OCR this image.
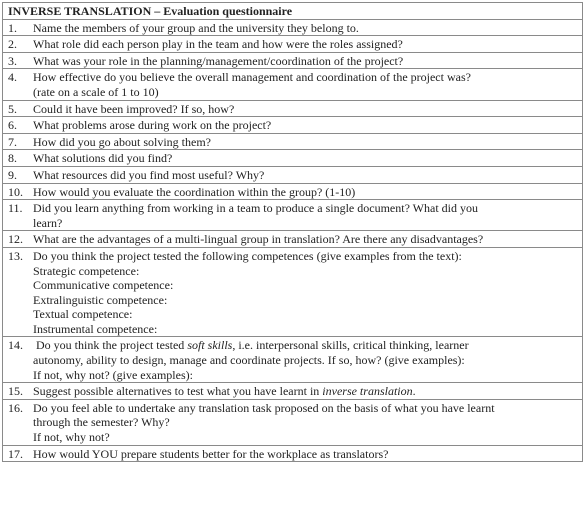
INVERSE TRANSLATION – Evaluation questionnaire
1. Name the members of your group and the university they belong to.
2. What role did each person play in the team and how were the roles assigned?
3. What was your role in the planning/management/coordination of the project?
4. How effective do you believe the overall management and coordination of the project was?
(rate on a scale of 1 to 10)

5. Could it have been improved? If so, how?
6. What problems arose during work on the project?
7. How did you go about solving them?
8. What solutions did you find?
9. What resources did you find most useful? Why?
10. How would you evaluate the coordination within the group? (1-10)
11. Did you learn anything from working in a team to produce a single document? What did you
learn?

12. What are the advantages of a multi-lingual group in translation? Are there any disadvantages?
13. Do you think the project tested the following competences (give examples from the text):
Strategic competence:
Communicative competence:
Extralinguistic competence:
Textual competence:
Instrumental competence:

14. Do you think the project tested soft skills, i.e. interpersonal skills, critical thinking, learner
autonomy, ability to design, manage and coordinate projects. If so, how? (give examples):
If not, why not? (give examples):

15. Suggest possible alternatives to test what you have learnt in inverse translation.
16. Do you feel able to undertake any translation task proposed on the basis of what you have learnt
through the semester? Why?
If not, why not?

17. How would YOU prepare students better for the workplace as translators?
